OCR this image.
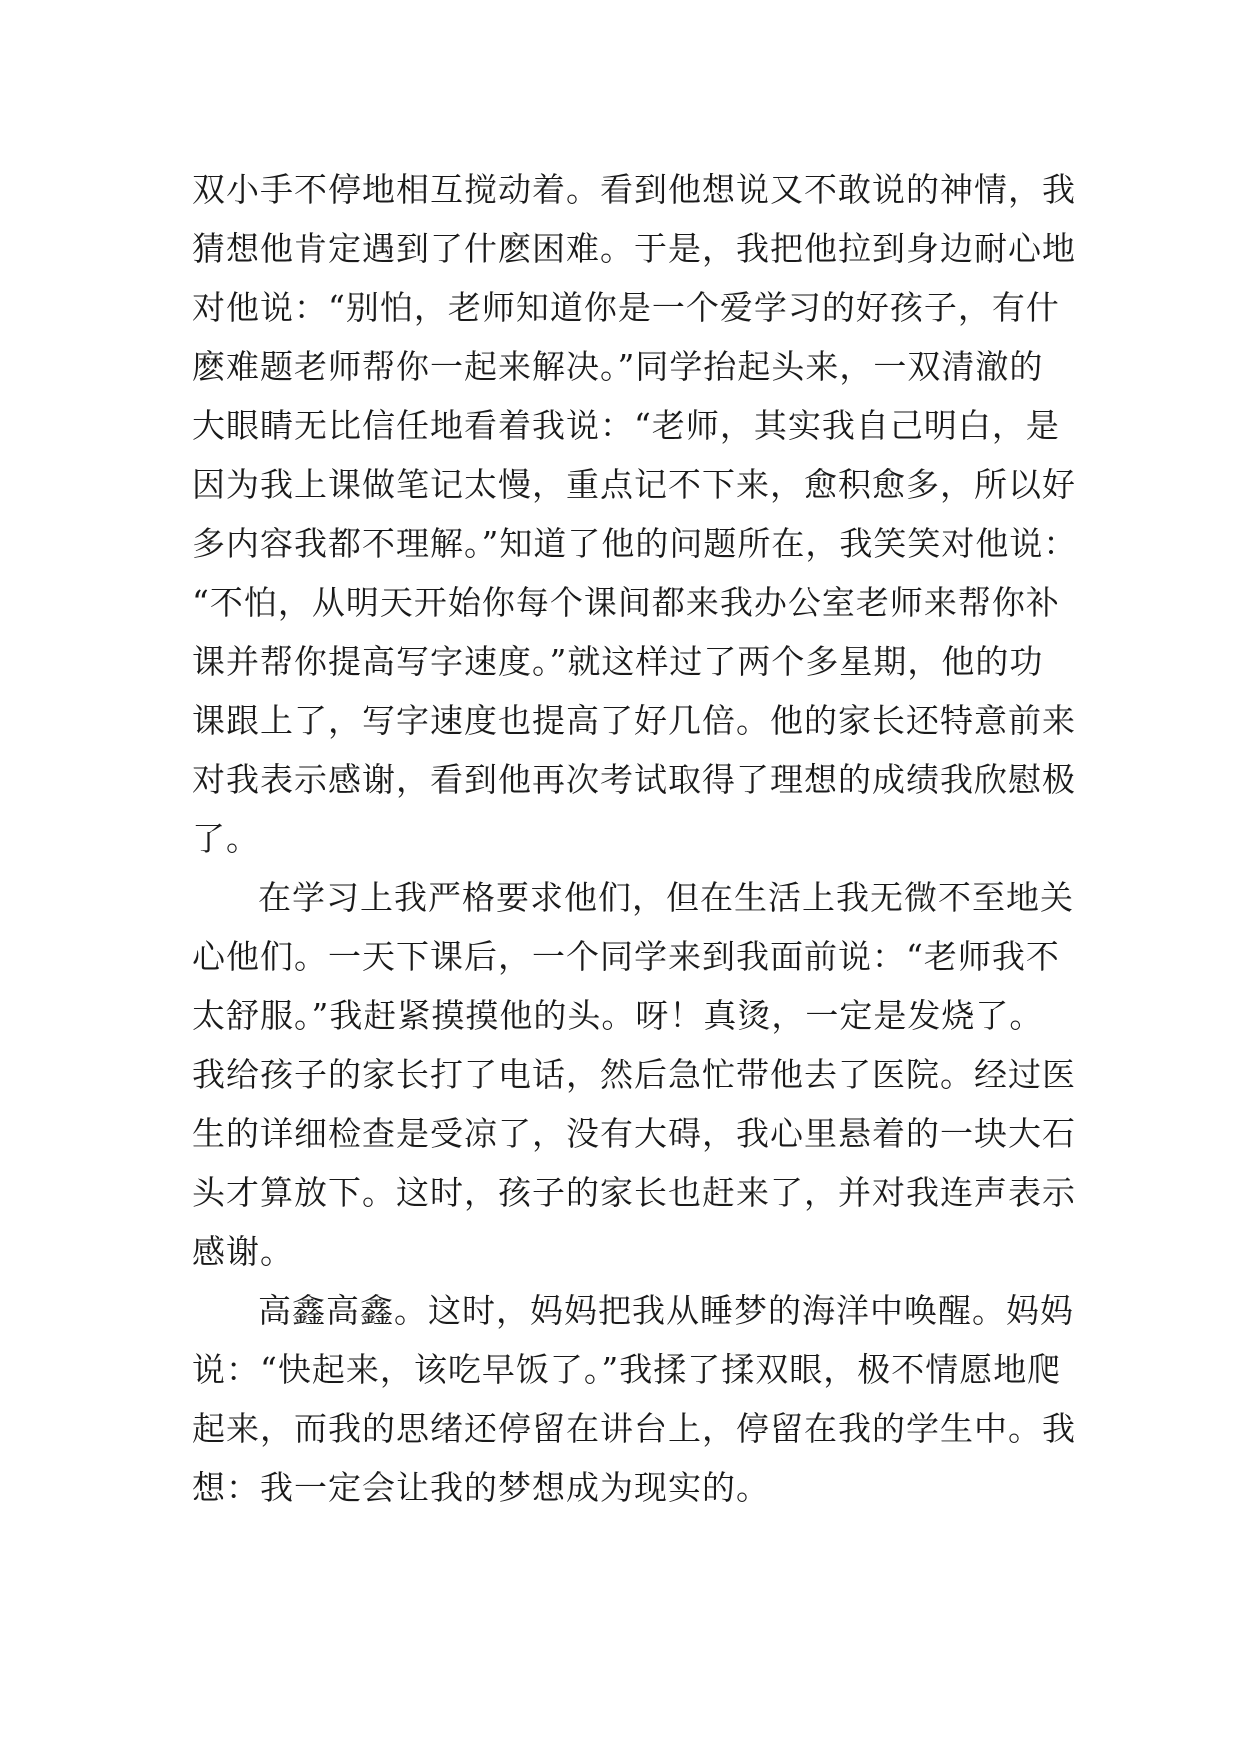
双小手不停地相互搅动着。看到他想说又不敢说的神情，我

猜想他肯定遇到了什麽困难。于是，我把他拉到身边耐心地

对他说：“别怕，老师知道你是一个爱学习的好孩子，有什

麽难题老师帮你一起来解决。”同学抬起头来，一双清澈的

大眼睛无比信任地看着我说：“老师，其实我自己明白，是

因为我上课做笔记太慢，重点记不下来，愈积愈多，所以好

多内容我都不理解。”知道了他的问题所在，我笑笑对他说：

“不怕，从明天开始你每个课间都来我办公室老师来帮你补

课并帮你提高写字速度。”就这样过了两个多星期，他的功

课跟上了，写字速度也提高了好几倍。他的家长还特意前来

对我表示感谢，看到他再次考试取得了理想的成绩我欣慰极

了。

在学习上我严格要求他们，但在生活上我无微不至地关

心他们。一天下课后，一个同学来到我面前说：“老师我不

太舒服。”我赶紧摸摸他的头。呀！真烫，一定是发烧了。

我给孩子的家长打了电话，然后急忙带他去了医院。经过医

生的详细检查是受凉了，没有大碍，我心里悬着的一块大石

头才算放下。这时，孩子的家长也赶来了，并对我连声表示

感谢。

高鑫高鑫。这时，妈妈把我从睡梦的海洋中唤醒。妈妈

说：“快起来，该吃早饭了。”我揉了揉双眼，极不情愿地爬

起来，而我的思绪还停留在讲台上，停留在我的学生中。我

想：我一定会让我的梦想成为现实的。
